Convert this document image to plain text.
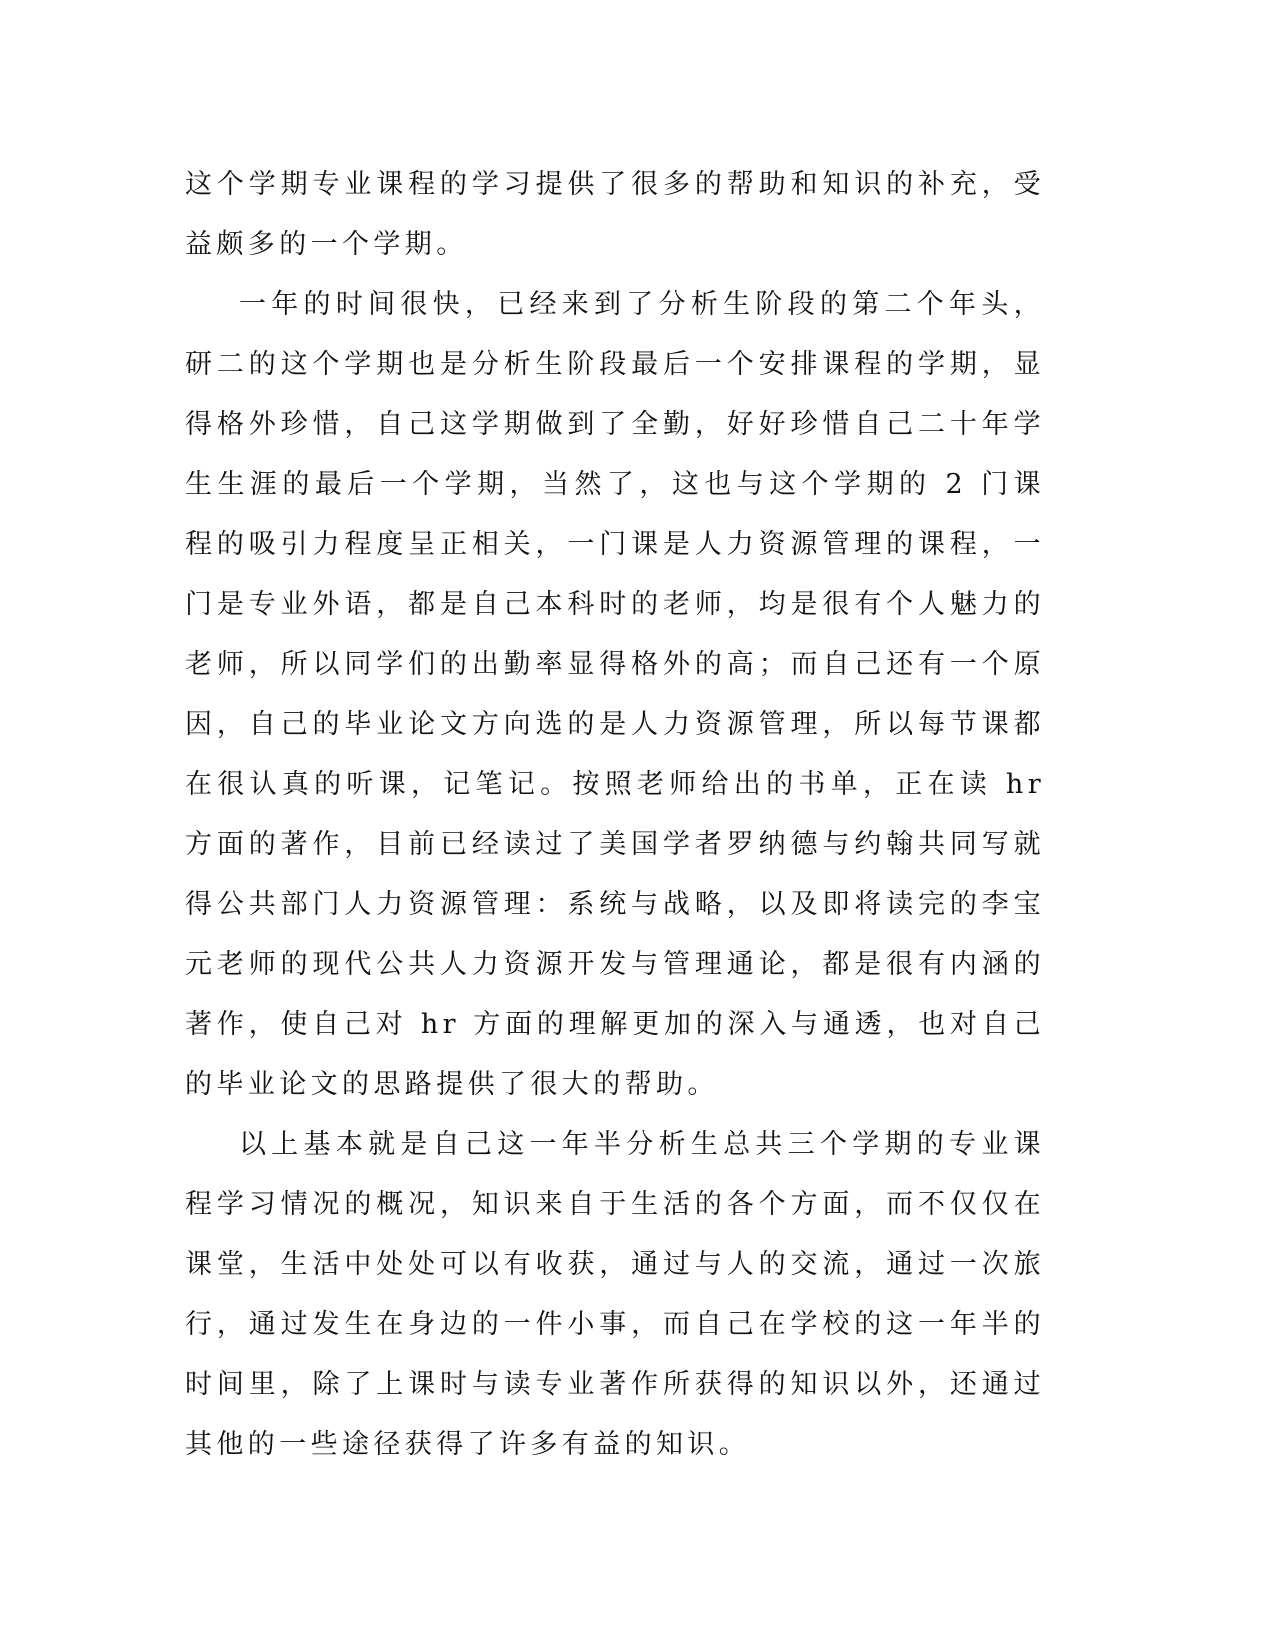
这个学期专业课程的学习提供了很多的帮助和知识的补充，受益颇多的一个学期。

一年的时间很快，已经来到了分析生阶段的第二个年头，研二的这个学期也是分析生阶段最后一个安排课程的学期，显得格外珍惜，自己这学期做到了全勤，好好珍惜自己二十年学生生涯的最后一个学期，当然了，这也与这个学期的 2 门课程的吸引力程度呈正相关，一门课是人力资源管理的课程，一门是专业外语，都是自己本科时的老师，均是很有个人魅力的老师，所以同学们的出勤率显得格外的高；而自己还有一个原因，自己的毕业论文方向选的是人力资源管理，所以每节课都在很认真的听课，记笔记。按照老师给出的书单，正在读 hr 方面的著作，目前已经读过了美国学者罗纳德与约翰共同写就得公共部门人力资源管理：系统与战略，以及即将读完的李宝元老师的现代公共人力资源开发与管理通论，都是很有内涵的著作，使自己对 hr 方面的理解更加的深入与通透，也对自己的毕业论文的思路提供了很大的帮助。

以上基本就是自己这一年半分析生总共三个学期的专业课程学习情况的概况，知识来自于生活的各个方面，而不仅仅在课堂，生活中处处可以有收获，通过与人的交流，通过一次旅行，通过发生在身边的一件小事，而自己在学校的这一年半的时间里，除了上课时与读专业著作所获得的知识以外，还通过其他的一些途径获得了许多有益的知识。
